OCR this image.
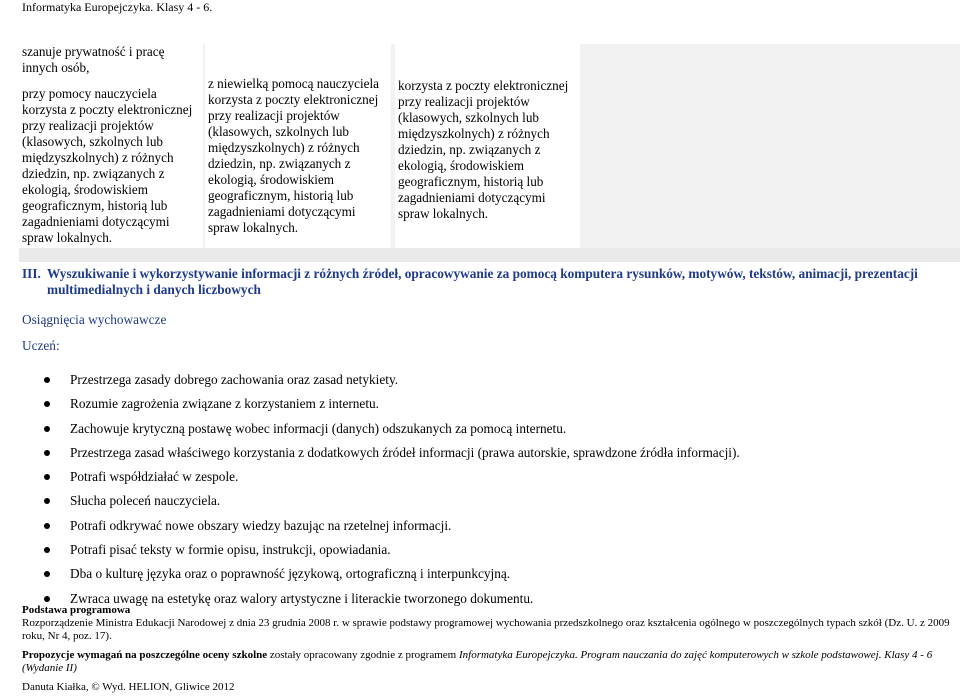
Informatyka Europejczyka. Klasy 4 - 6.
szanuje prywatność i pracę
innych osób,
przy pomocy nauczyciela
korzysta z poczty elektronicznej
przy realizacji projektów
(klasowych, szkolnych lub
międzyszkolnych) z różnych
dziedzin, np. związanych z
ekologią, środowiskiem
geograficznym, historią lub
zagadnieniami dotyczącymi
spraw lokalnych.
z niewielką pomocą nauczyciela
korzysta z poczty elektronicznej
przy realizacji projektów
(klasowych, szkolnych lub
międzyszkolnych) z różnych
dziedzin, np. związanych z
ekologią, środowiskiem
geograficznym, historią lub
zagadnieniami dotyczącymi
spraw lokalnych.
korzysta z poczty elektronicznej
przy realizacji projektów
(klasowych, szkolnych lub
międzyszkolnych) z różnych
dziedzin, np. związanych z
ekologią, środowiskiem
geograficznym, historią lub
zagadnieniami dotyczącymi
spraw lokalnych.
III. Wyszukiwanie i wykorzystywanie informacji z różnych źródeł, opracowywanie za pomocą komputera rysunków, motywów, tekstów, animacji, prezentacji multimedialnych i danych liczbowych
Osiągnięcia wychowawcze
Uczeń:
Przestrzega zasady dobrego zachowania oraz zasad netykiety.
Rozumie zagrożenia związane z korzystaniem z internetu.
Zachowuje krytyczną postawę wobec informacji (danych) odszukanych za pomocą internetu.
Przestrzega zasad właściwego korzystania z dodatkowych źródeł informacji (prawa autorskie, sprawdzone źródła informacji).
Potrafi współdziałać w zespole.
Słucha poleceń nauczyciela.
Potrafi odkrywać nowe obszary wiedzy bazując na rzetelnej informacji.
Potrafi pisać teksty w formie opisu, instrukcji, opowiadania.
Dba o kulturę języka oraz o poprawność językową, ortograficzną i interpunkcyjną.
Zwraca uwagę na estetykę oraz walory artystyczne i literackie tworzonego dokumentu.
Podstawa programowa
Rozporządzenie Ministra Edukacji Narodowej z dnia 23 grudnia 2008 r. w sprawie podstawy programowej wychowania przedszkolnego oraz kształcenia ogólnego w poszczególnych typach szkół (Dz. U. z 2009 roku, Nr 4, poz. 17).
Propozycje wymagań na poszczególne oceny szkolne zostały opracowany zgodnie z programem Informatyka Europejczyka. Program nauczania do zajęć komputerowych w szkole podstawowej. Klasy 4 - 6 (Wydanie II)
Danuta Kiałka, © Wyd. HELION, Gliwice 2012
